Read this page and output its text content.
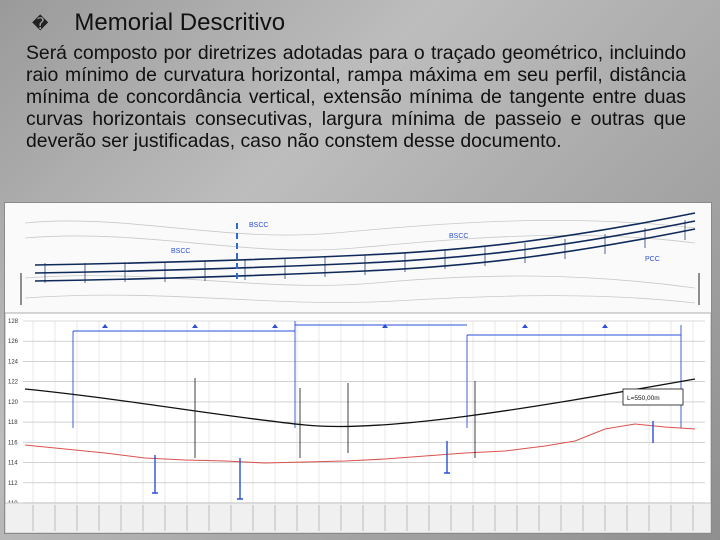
� Memorial Descritivo

Será composto por diretrizes adotadas para o traçado geométrico, incluindo raio mínimo de curvatura horizontal, rampa máxima em seu perfil, distância mínima de concordância vertical, extensão mínima de tangente entre duas curvas horizontais consecutivas, largura mínima de passeio e outras que deverão ser justificadas, caso não constem desse documento.

BSCC
BSCC
BSCC
PCC
128
126
124
122
120
118
116
114
112
L=550,00m
